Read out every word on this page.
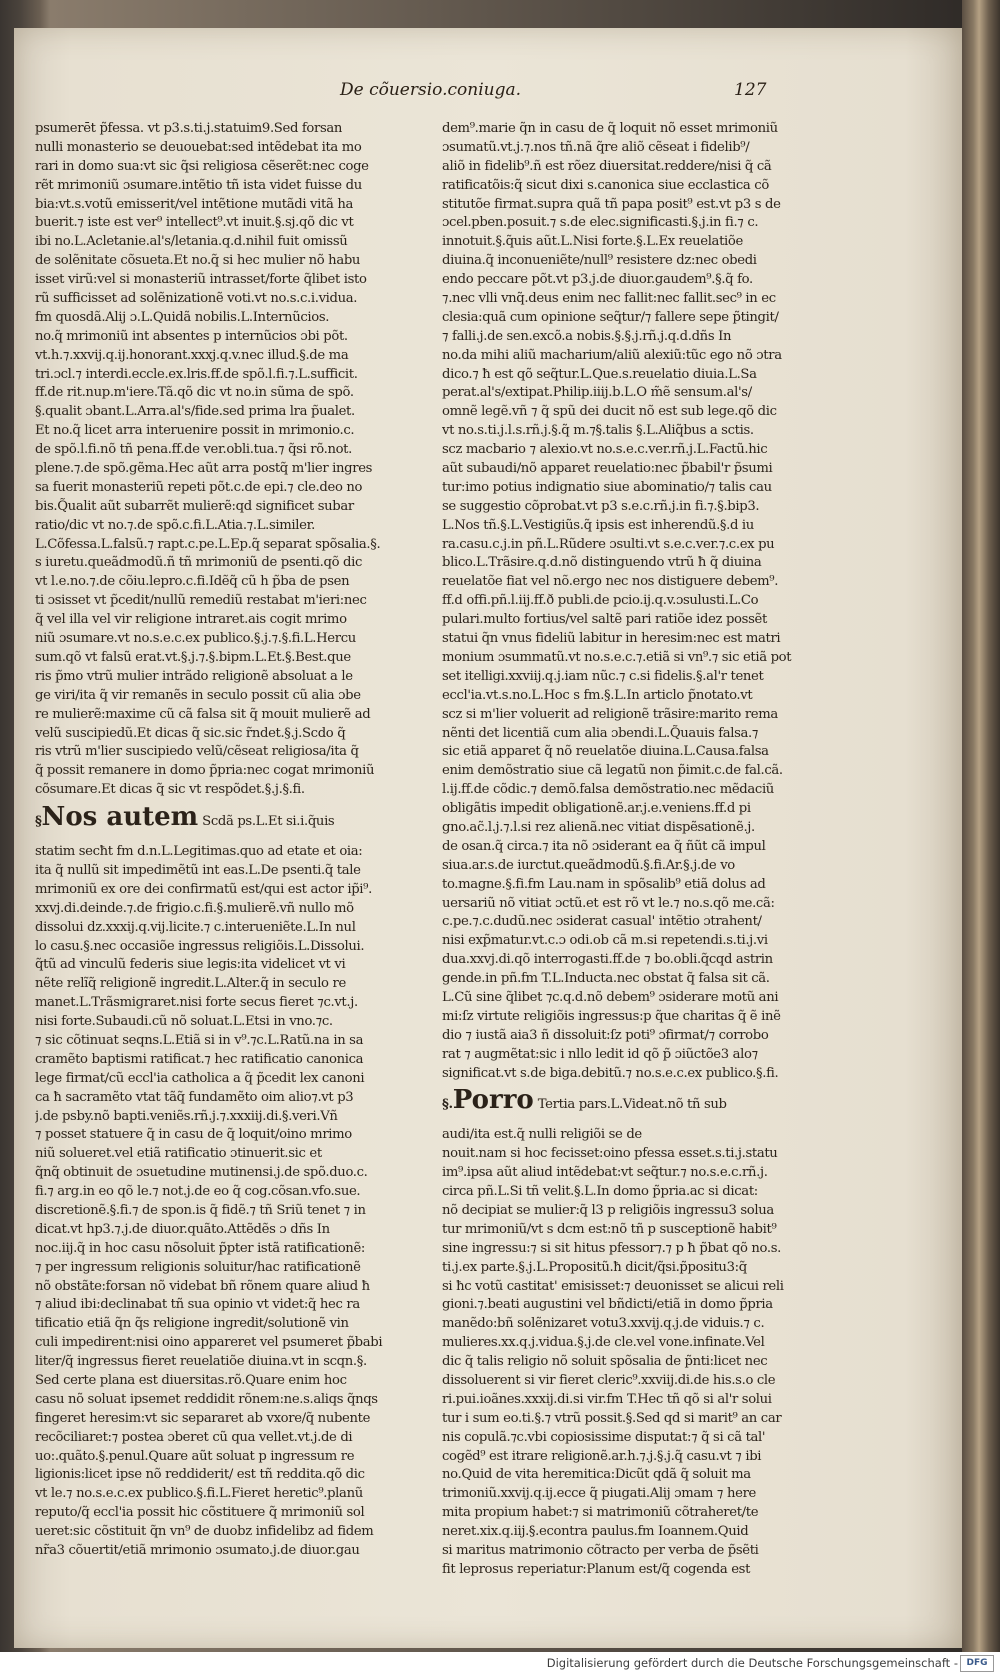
De cõuersio.coniuga.	127
psumerēt p̃fessa. vt p3.s.ti.j.statuim9.Sed forsan
nulli monasterio se deuouebat:sed intẽdebat ita mo
rari in domo sua:vt sic q̃si religiosa cẽserẽt:nec coge
rẽt mrimoniũ ɔsumare.intẽtio tñ ista videt fuisse du
bia:vt.s.votũ emisserit/vel intẽtione mutãdi vitã ha
buerit.⁊ iste est ver⁹ intellect⁹.vt inuit.§.sj.qõ dic vt
ibi no.L.Acletanie.al's/letania.q.d.nihil fuit omissũ
de solẽnitate cõsueta.Et no.q̃ si hec mulier nõ habu
isset virũ:vel si monasteriũ intrasset/forte q̃libet isto
rũ sufficisset ad solẽnizationẽ voti.vt no.s.c.i.vidua.
fm quosdã.Alij ɔ.L.Quidã nobilis.L.Internũcios.
no.q̃ mrimoniũ int absentes p internũcios ɔbi põt.
vt.h.⁊.xxvij.q.ij.honorant.xxxj.q.v.nec illud.§.de ma
tri.ɔcl.⁊ interdi.eccle.ex.lris.ff.de spõ.l.fi.⁊.L.sufficit.
ff.de rit.nup.m'iere.Tã.qõ dic vt no.in sũma de spõ.
§.qualit ɔbant.L.Arra.al's/fide.sed prima lra p̃ualet.
Et no.q̃ licet arra interuenire possit in mrimonio.c.
de spõ.l.fi.nõ tñ pena.ff.de ver.obli.tua.⁊ q̃si rõ.not.
plene.⁊.de spõ.gẽma.Hec aũt arra postq̃ m'lier ingres
sa fuerit monasteriũ repeti põt.c.de epi.⁊ cle.deo no
bis.Q̃ualit aũt subarrẽt mulierẽ:qd significet subar
ratio/dic vt no.⁊.de spõ.c.fi.L.Atia.⁊.L.similer.
L.Cõfessa.L.falsũ.⁊ rapt.c.pe.L.Ep.q̃ separat spõsalia.§.
s iuretu.queãdmodũ.ñ tñ mrimoniũ de psenti.qõ dic
vt l.e.no.⁊.de cõiu.lepro.c.fi.Idẽq̃ cũ h p̃ba de psen
ti ɔsisset vt p̃cedit/nullũ remediũ restabat m'ieri:nec
q̃ vel illa vel vir religione intraret.ais cogit mrimo
niũ ɔsumare.vt no.s.e.c.ex publico.§.j.⁊.§.fi.L.Hercu
sum.qõ vt falsũ erat.vt.§.j.⁊.§.bipm.L.Et.§.Best.que
ris p̃mo vtrũ mulier intrãdo religionẽ absoluat a le
ge viri/ita q̃ vir remanẽs in seculo possit cũ alia ɔbe
re mulierẽ:maxime cũ cã falsa sit q̃ mouit mulierẽ ad
velũ suscipiedũ.Et dicas q̃ sic.sic r̃ndet.§.j.Scdo q̃
ris vtrũ m'lier suscipiedo velũ/cẽseat religiosa/ita q̃
q̃ possit remanere in domo p̃pria:nec cogat mrimoniũ
cõsumare.Et dicas q̃ sic vt respõdet.§.j.§.fi.
§Nos autem Scdã ps.L.Et si.i.q̃uis
statim secħt fm d.n.L.Legitimas.quo ad etate et oia:
ita q̃ nullũ sit impedimẽtũ int eas.L.De psenti.q̃ tale
mrimoniũ ex ore dei confirmatũ est/qui est actor ip̃i⁹.
xxvj.di.deinde.⁊.de frigio.c.fi.§.mulierẽ.vñ nullo mõ
dissolui dz.xxxij.q.vij.licite.⁊ c.interueniẽte.L.In nul
lo casu.§.nec occasiõe ingressus religiõis.L.Dissolui.
q̃tũ ad vinculũ federis siue legis:ita videlicet vt vi
nẽte relĩq̃ religionẽ ingredit.L.Alter.q̃ in seculo re
manet.L.Trãsmigraret.nisi forte secus fieret ⁊c.vt.j.
nisi forte.Subaudi.cũ nõ soluat.L.Etsi in vno.⁊c.
⁊ sic cõtinuat seqns.L.Etiã si in v⁹.⁊c.L.Ratũ.na in sa
cramẽto baptismi ratificat.⁊ hec ratificatio canonica
lege firmat/cũ eccl'ia catholica a q̃ p̃cedit lex canoni
ca ħ sacramẽto vtat tãq̃ fundamẽto oim alio⁊.vt p3
j.de psby.nõ bapti.veniẽs.rñ.j.⁊.xxxiij.di.§.veri.Vñ
⁊ posset statuere q̃ in casu de q̃ loquit/oino mrimo
niũ solueret.vel etiã ratificatio ɔtinuerit.sic et
q̃nq̃ obtinuit de ɔsuetudine mutinensi.j.de spõ.duo.c.
fi.⁊ arg.in eo qõ le.⁊ not.j.de eo q̃ cog.cõsan.vfo.sue.
discretionẽ.§.fi.⁊ de spon.is q̃ fidẽ.⁊ tñ Sriũ tenet ⁊ in
dicat.vt hp3.⁊.j.de diuor.quãto.Attẽdẽs ɔ dñs In
noc.iij.q̃ in hoc casu nõsoluit p̃pter istã ratificationẽ:
⁊ per ingressum religionis soluitur/hac ratificationẽ
nõ obstãte:forsan nõ videbat bñ rõnem quare aliud ħ
⁊ aliud ibi:declinabat tñ sua opinio vt videt:q̃ hec ra
tificatio etiã q̃n q̃s religione ingredit/solutionẽ vin
culi impedirent:nisi oino appareret vel psumeret p̃babi
liter/q̃ ingressus fieret reuelatiõe diuina.vt in scqn.§.
Sed certe plana est diuersitas.rõ.Quare enim hoc
casu nõ soluat ipsemet reddidit rõnem:ne.s.aliqs q̃nqs
fingeret heresim:vt sic separaret ab vxore/q̃ nubente
recõciliaret:⁊ postea ɔberet cũ qua vellet.vt.j.de di
uo:.quãto.§.penul.Quare aũt soluat p ingressum re
ligionis:licet ipse nõ reddiderit/ est tñ reddita.qõ dic
vt le.⁊ no.s.e.c.ex publico.§.fi.L.Fieret heretic⁹.planũ
reputo/q̃ eccl'ia possit hic cõstituere q̃ mrimoniũ sol
ueret:sic cõstituit q̃n vn⁹ de duobz infidelibz ad fidem
nr̃a3 cõuertit/etiã mrimonio ɔsumato.j.de diuor.gau
dem⁹.marie q̃n in casu de q̃ loquit nõ esset mrimoniũ
ɔsumatũ.vt.j.⁊.nos tñ.nã q̃re aliõ cẽseat i fidelib⁹/
aliõ in fidelib⁹.ñ est rõez diuersitat.reddere/nisi q̃ cã
ratificatõis:q̃ sicut dixi s.canonica siue ecclastica cõ
stitutõe firmat.supra quã tñ papa posit⁹ est.vt p3 s de
ɔcel.pben.posuit.⁊ s.de elec.significasti.§.j.in fi.⁊ c.
innotuit.§.q̃uis aũt.L.Nisi forte.§.L.Ex reuelatiõe
diuina.q̃ inconueniẽte/null⁹ resistere dz:nec obedi
endo peccare põt.vt p3.j.de diuor.gaudem⁹.§.q̃ fo.
⁊.nec vlli vnq̃.deus enim nec fallit:nec fallit.sec⁹ in ec
clesia:quã cum opinione seq̃tur/⁊ fallere sepe p̃tingit/
⁊ falli.j.de sen.excõ.a nobis.§.§.j.rñ.j.q.d.dñs In
no.da mihi aliũ macharium/aliũ alexiũ:tũc ego nõ ɔtra
dico.⁊ ħ est qõ seq̃tur.L.Que.s.reuelatio diuia.L.Sa
perat.al's/extipat.Philip.iiij.b.L.O m̃ẽ sensum.al's/
omnẽ legẽ.vñ ⁊ q̃ spũ dei ducit nõ est sub lege.qõ dic
vt no.s.ti.j.l.s.rñ.j.§.q̃ m.⁊§.talis §.L.Aliq̃bus a sctis.
scz macbario ⁊ alexio.vt no.s.e.c.ver.rñ.j.L.Factũ.hic
aũt subaudi/nõ apparet reuelatio:nec p̃babil'r p̃sumi
tur:imo potius indignatio siue abominatio/⁊ talis cau
se suggestio cõprobat.vt p3 s.e.c.rñ.j.in fi.⁊.§.bip3.
L.Nos tñ.§.L.Vestigiũs.q̃ ipsis est inherendũ.§.d iu
ra.casu.c.j.in pñ.L.Rũdere ɔsulti.vt s.e.c.ver.⁊.c.ex pu
blico.L.Trãsire.q.d.nõ distinguendo vtrũ ħ q̃ diuina
reuelatõe fiat vel nõ.ergo nec nos distiguere debem⁹.
ff.d offi.pñ.l.iij.ff.ð publi.de pcio.ij.q.v.ɔsulusti.L.Co
pulari.multo fortius/vel saltẽ pari ratiõe idez possẽt
statui q̃n vnus fideliũ labitur in heresim:nec est matri
monium ɔsummatũ.vt no.s.e.c.⁊.etiã si vn⁹.⁊ sic etiã pot
set itelligi.xxviij.q.j.iam nũc.⁊ c.si fidelis.§.al'r tenet
eccl'ia.vt.s.no.L.Hoc s fm.§.L.In articlo p̃notato.vt
scz si m'lier voluerit ad religionẽ trãsire:marito rema
nẽnti det licentiã cum alia ɔbendi.L.Q̃uauis falsa.⁊
sic etiã apparet q̃ nõ reuelatõe diuina.L.Causa.falsa
enim demõstratio siue cã legatũ non p̃imit.c.de fal.cã.
l.ij.ff.de cõdic.⁊ demõ.falsa demõstratio.nec mẽdaciũ
obligãtis impedit obligationẽ.ar.j.e.veniens.ff.d pi
gno.ac̃.l.j.⁊.l.si rez alienã.nec vitiat dispẽsationẽ.j.
de osan.q̃ circa.⁊ ita nõ ɔsiderant ea q̃ ñũt cã impul
siua.ar.s.de iurctut.queãdmodũ.§.fi.Ar.§.j.de vo
to.magne.§.fi.fm Lau.nam in spõsalib⁹ etiã dolus ad
uersariũ nõ vitiat ɔctũ.et est rõ vt le.⁊ no.s.qõ me.cã:
c.pe.⁊.c.dudũ.nec ɔsiderat casual' intẽtio ɔtrahent/
nisi exp̃matur.vt.c.ɔ odi.ob cã m.si repetendi.s.ti.j.vi
dua.xxvj.di.qõ interrogasti.ff.de ⁊ bo.obli.q̃cqd astrin
gende.in pñ.fm T.L.Inducta.nec obstat q̃ falsa sit cã.
L.Cũ sine q̃libet ⁊c.q.d.nõ debem⁹ ɔsiderare motũ ani
mi:ſz virtute religiõis ingressus:p q̃ue charitas q̃ ẽ inẽ
dio ⁊ iustã aia3 ñ dissoluit:ſz poti⁹ ɔfirmat/⁊ corrobo
rat ⁊ augmẽtat:sic i nllo ledit id qõ p̃ ɔiũctõe3 alo⁊
significat.vt s.de biga.debitũ.⁊ no.s.e.c.ex publico.§.fi.
§.Porro Tertia pars.L.Videat.nõ tñ sub
audi/ita est.q̃ nulli religiõi se de
nouit.nam si hoc fecisset:oino pfessa esset.s.ti.j.statu
im⁹.ipsa aũt aliud intẽdebat:vt seq̃tur.⁊ no.s.e.c.rñ.j.
circa pñ.L.Si tñ velit.§.L.In domo p̃pria.ac si dicat:
nõ decipiat se mulier:q̃ l3 p religiõis ingressu3 solua
tur mrimoniũ/vt s dcm est:nõ tñ p susceptionẽ habit⁹
sine ingressu:⁊ si sit hitus pfessor⁊.⁊ p ħ p̃bat qõ no.s.
ti.j.ex parte.§.j.L.Propositũ.ħ dicit/q̃si.p̃positu3:q̃
si ħc votũ castitat' emisisset:⁊ deuonisset se alicui reli
gioni.⁊.beati augustini vel bñdicti/etiã in domo p̃pria
manẽdo:bñ solẽnizaret votu3.xxvij.q.j.de viduis.⁊ c.
mulieres.xx.q.j.vidua.§.j.de cle.vel vone.infinate.Vel
dic q̃ talis religio nõ soluit spõsalia de p̃nti:licet nec
dissoluerent si vir fieret cleric⁹.xxviij.di.de his.s.o cle
ri.pui.ioãnes.xxxij.di.si vir.fm T.Hec tñ qõ si al'r solui
tur i sum eo.ti.§.⁊ vtrũ possit.§.Sed qd si marit⁹ an car
nis copulã.⁊c.vbi copiosissime disputat:⁊ q̃ si cã tal'
cogẽd⁹ est itrare religionẽ.ar.h.⁊.j.§.j.q̃ casu.vt ⁊ ibi
no.Quid de vita heremitica:Dicũt qdã q̃ soluit ma
trimoniũ.xxvij.q.ij.ecce q̃ piugati.Alij ɔmam ⁊ here
mita propium habet:⁊ si matrimoniũ cõtraheret/te
neret.xix.q.iij.§.econtra paulus.fm Ioannem.Quid
si maritus matrimonio cõtracto per verba de p̃sẽti
fit leprosus reperiatur:Planum est/q̃ cogenda est
Digitalisierung gefördert durch die Deutsche Forschungsgemeinschaft - DFG
